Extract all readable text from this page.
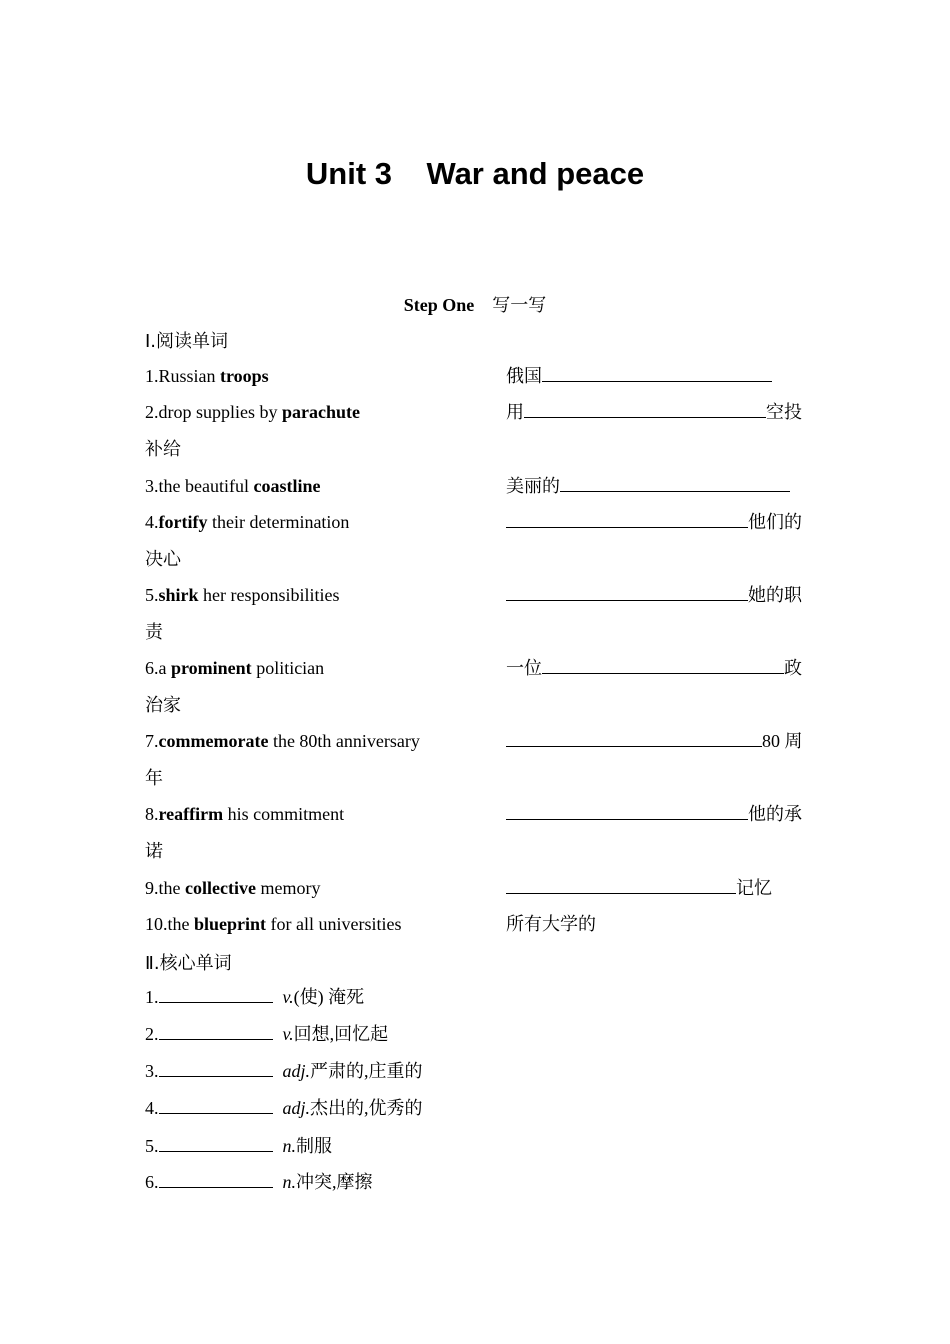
Unit 3    War and peace
Step One 写一写
Ⅰ.阅读单词
1.Russian troops	俄国
2.drop supplies by parachute	用	空投
补给
3.the beautiful coastline	美丽的
4.fortify their determination	他们的
决心
5.shirk her responsibilities	她的职
责
6.a prominent politician	一位	政
治家
7.commemorate the 80th anniversary	80 周
年
8.reaffirm his commitment	他的承
诺
9.the collective memory	记忆
10.the blueprint for all universities	所有大学的
Ⅱ.核心单词
1.	v.(使) 淹死
2.	v.回想,回忆起
3.	adj.严肃的,庄重的
4.	adj.杰出的,优秀的
5.	n.制服
6.	n.冲突,摩擦
